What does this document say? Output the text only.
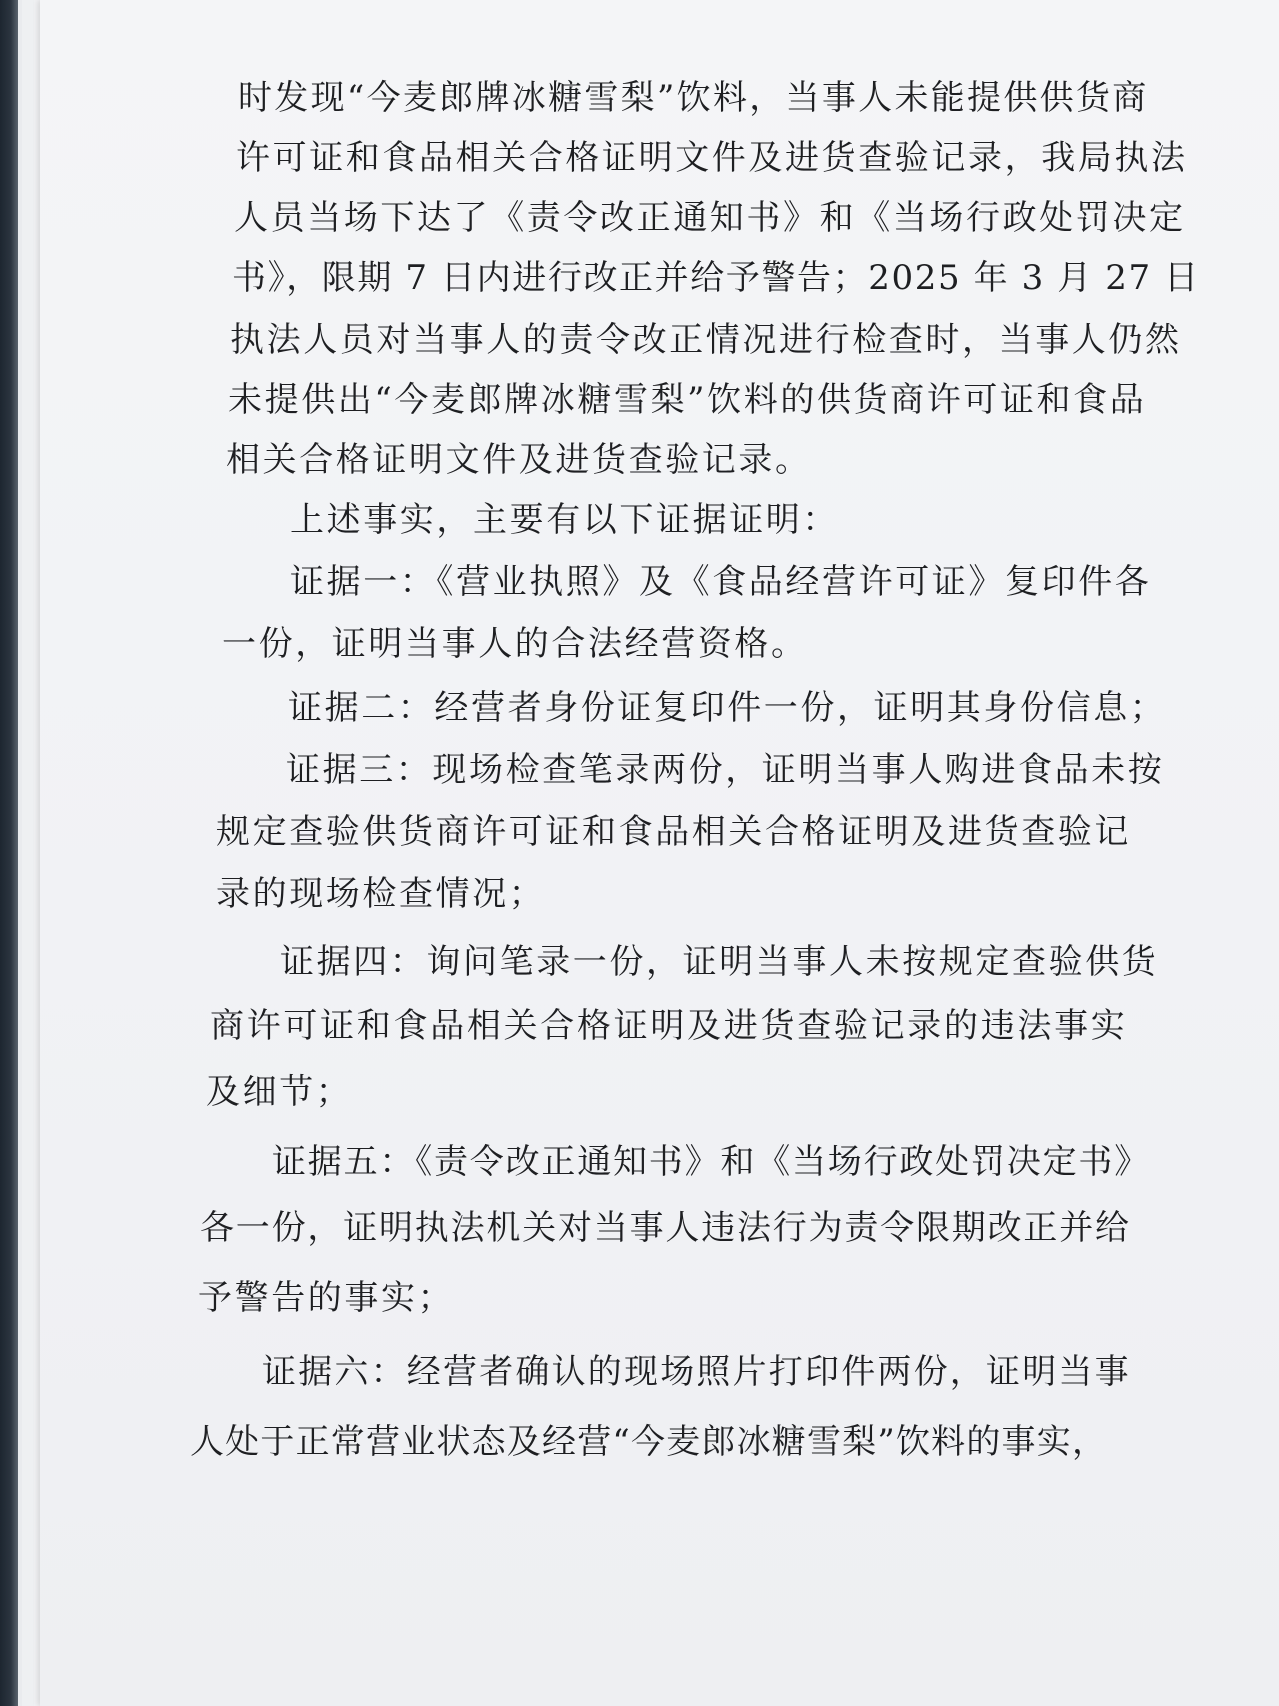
时发现“今麦郎牌冰糖雪梨”饮料，当事人未能提供供货商

许可证和食品相关合格证明文件及进货查验记录，我局执法

人员当场下达了《责令改正通知书》和《当场行政处罚决定

书》，限期 7 日内进行改正并给予警告；2025 年 3 月 27 日

执法人员对当事人的责令改正情况进行检查时，当事人仍然

未提供出“今麦郎牌冰糖雪梨”饮料的供货商许可证和食品

相关合格证明文件及进货查验记录。

上述事实，主要有以下证据证明：

证据一：《营业执照》及《食品经营许可证》复印件各

一份，证明当事人的合法经营资格。

证据二：经营者身份证复印件一份，证明其身份信息；

证据三：现场检查笔录两份，证明当事人购进食品未按

规定查验供货商许可证和食品相关合格证明及进货查验记

录的现场检查情况；

证据四：询问笔录一份，证明当事人未按规定查验供货

商许可证和食品相关合格证明及进货查验记录的违法事实

及细节；

证据五：《责令改正通知书》和《当场行政处罚决定书》

各一份，证明执法机关对当事人违法行为责令限期改正并给

予警告的事实；

证据六：经营者确认的现场照片打印件两份，证明当事

人处于正常营业状态及经营“今麦郎冰糖雪梨”饮料的事实，
